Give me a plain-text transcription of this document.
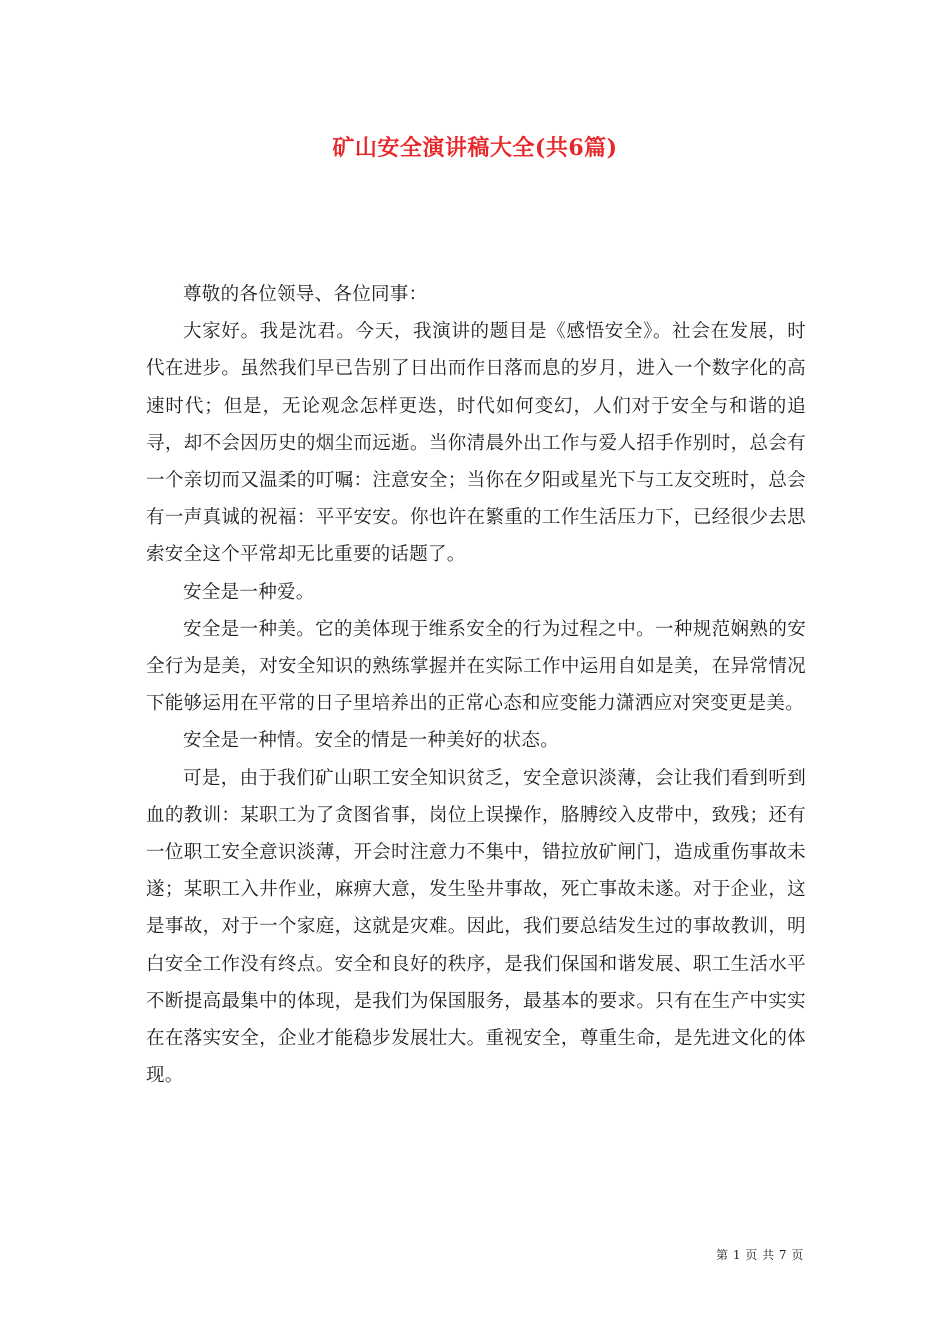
矿山安全演讲稿大全(共6篇)

尊敬的各位领导、各位同事：

大家好。我是沈君。今天，我演讲的题目是《感悟安全》。社会在发展，时代在进步。虽然我们早已告别了日出而作日落而息的岁月，进入一个数字化的高速时代；但是，无论观念怎样更迭，时代如何变幻，人们对于安全与和谐的追寻，却不会因历史的烟尘而远逝。当你清晨外出工作与爱人招手作别时，总会有一个亲切而又温柔的叮嘱：注意安全；当你在夕阳或星光下与工友交班时，总会有一声真诚的祝福：平平安安。你也许在繁重的工作生活压力下，已经很少去思索安全这个平常却无比重要的话题了。

安全是一种爱。

安全是一种美。它的美体现于维系安全的行为过程之中。一种规范娴熟的安全行为是美，对安全知识的熟练掌握并在实际工作中运用自如是美，在异常情况下能够运用在平常的日子里培养出的正常心态和应变能力潇洒应对突变更是美。

安全是一种情。安全的情是一种美好的状态。

可是，由于我们矿山职工安全知识贫乏，安全意识淡薄，会让我们看到听到血的教训：某职工为了贪图省事，岗位上误操作，胳膊绞入皮带中，致残；还有一位职工安全意识淡薄，开会时注意力不集中，错拉放矿闸门，造成重伤事故未遂；某职工入井作业，麻痹大意，发生坠井事故，死亡事故未遂。对于企业，这是事故，对于一个家庭，这就是灾难。因此，我们要总结发生过的事故教训，明白安全工作没有终点。安全和良好的秩序，是我们保国和谐发展、职工生活水平不断提高最集中的体现，是我们为保国服务，最基本的要求。只有在生产中实实在在落实安全，企业才能稳步发展壮大。重视安全，尊重生命，是先进文化的体现。

第 1 页 共 7 页
